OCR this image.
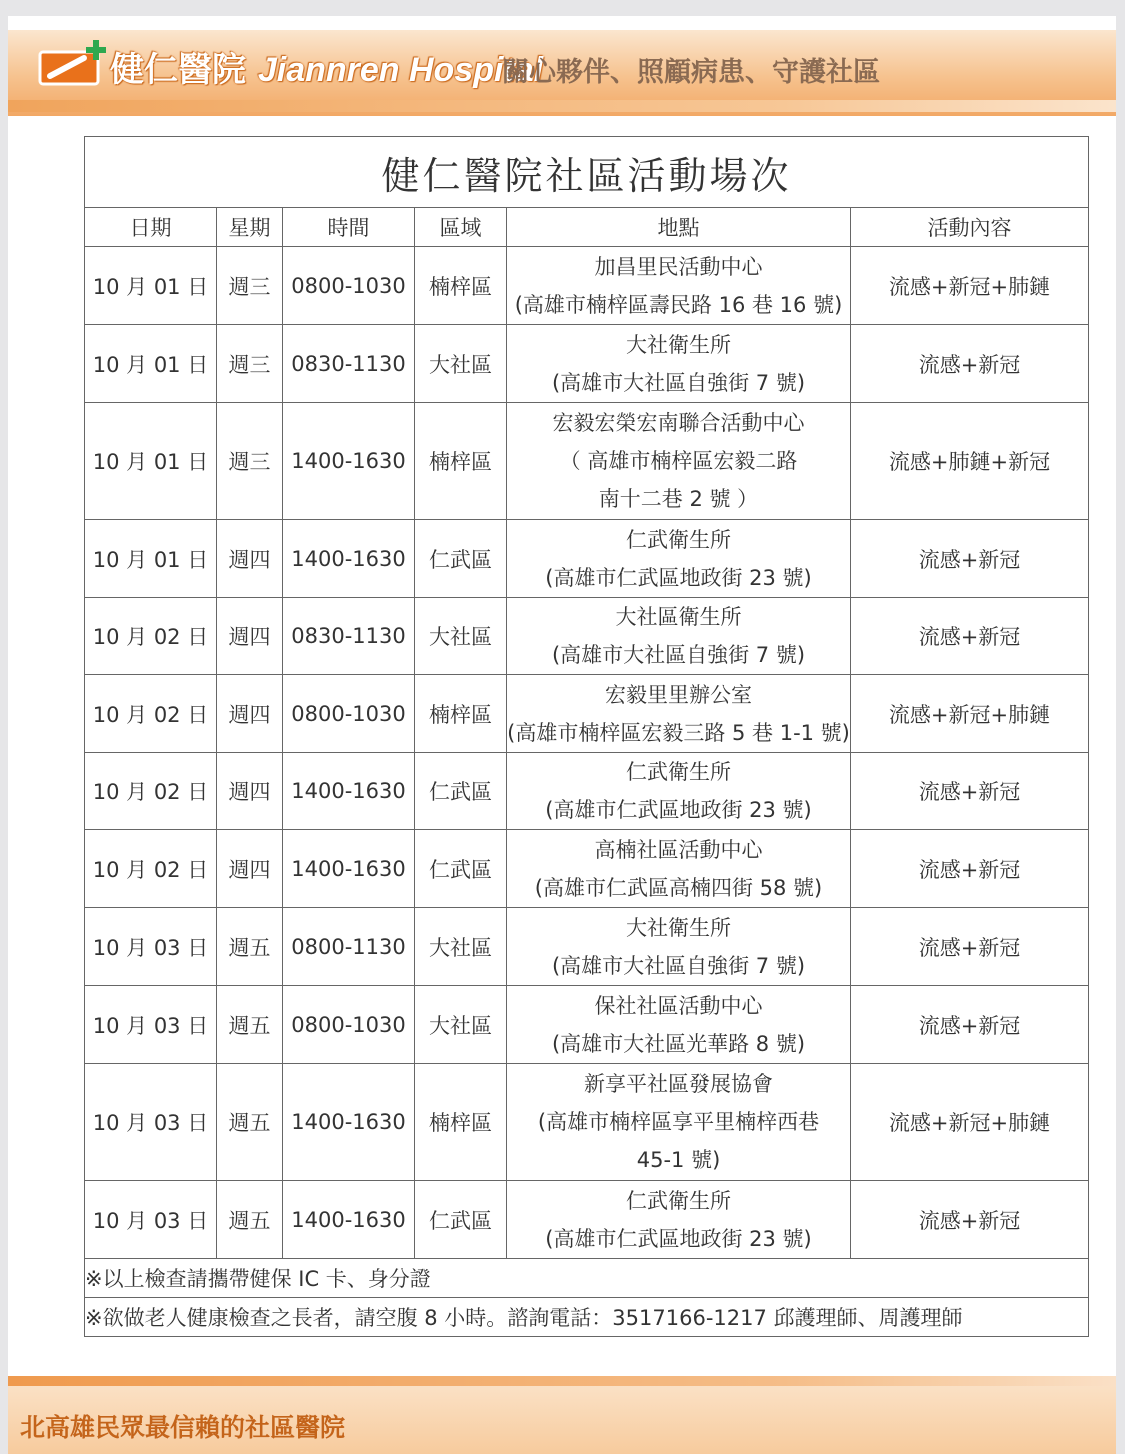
健仁醫院 Jiannren Hospital
關心夥伴、照顧病患、守護社區
健仁醫院社區活動場次					
日期	星期	時間	區域	地點	活動內容
10 月 01 日	週三	0800-1030	楠梓區	加昌里民活動中心
(高雄市楠梓區壽民路 16 巷 16 號)	流感+新冠+肺鏈
10 月 01 日	週三	0830-1130	大社區	大社衛生所
(高雄市大社區自強街 7 號)	流感+新冠
10 月 01 日	週三	1400-1630	楠梓區	宏毅宏榮宏南聯合活動中心
（ 高雄市楠梓區宏毅二路
南十二巷 2 號 ）	流感+肺鏈+新冠
10 月 01 日	週四	1400-1630	仁武區	仁武衛生所
(高雄市仁武區地政街 23 號)	流感+新冠
10 月 02 日	週四	0830-1130	大社區	大社區衛生所
(高雄市大社區自強街 7 號)	流感+新冠
10 月 02 日	週四	0800-1030	楠梓區	宏毅里里辦公室
(高雄市楠梓區宏毅三路 5 巷 1-1 號)	流感+新冠+肺鏈
10 月 02 日	週四	1400-1630	仁武區	仁武衛生所
(高雄市仁武區地政街 23 號)	流感+新冠
10 月 02 日	週四	1400-1630	仁武區	高楠社區活動中心
(高雄市仁武區高楠四街 58 號)	流感+新冠
10 月 03 日	週五	0800-1130	大社區	大社衛生所
(高雄市大社區自強街 7 號)	流感+新冠
10 月 03 日	週五	0800-1030	大社區	保社社區活動中心
(高雄市大社區光華路 8 號)	流感+新冠
10 月 03 日	週五	1400-1630	楠梓區	新享平社區發展協會
(高雄市楠梓區享平里楠梓西巷
45-1 號)	流感+新冠+肺鏈
10 月 03 日	週五	1400-1630	仁武區	仁武衛生所
(高雄市仁武區地政街 23 號)	流感+新冠
※以上檢查請攜帶健保 IC 卡、身分證					
※欲做老人健康檢查之長者，請空腹 8 小時。諮詢電話：3517166-1217 邱護理師、周護理師					
北高雄民眾最信賴的社區醫院
